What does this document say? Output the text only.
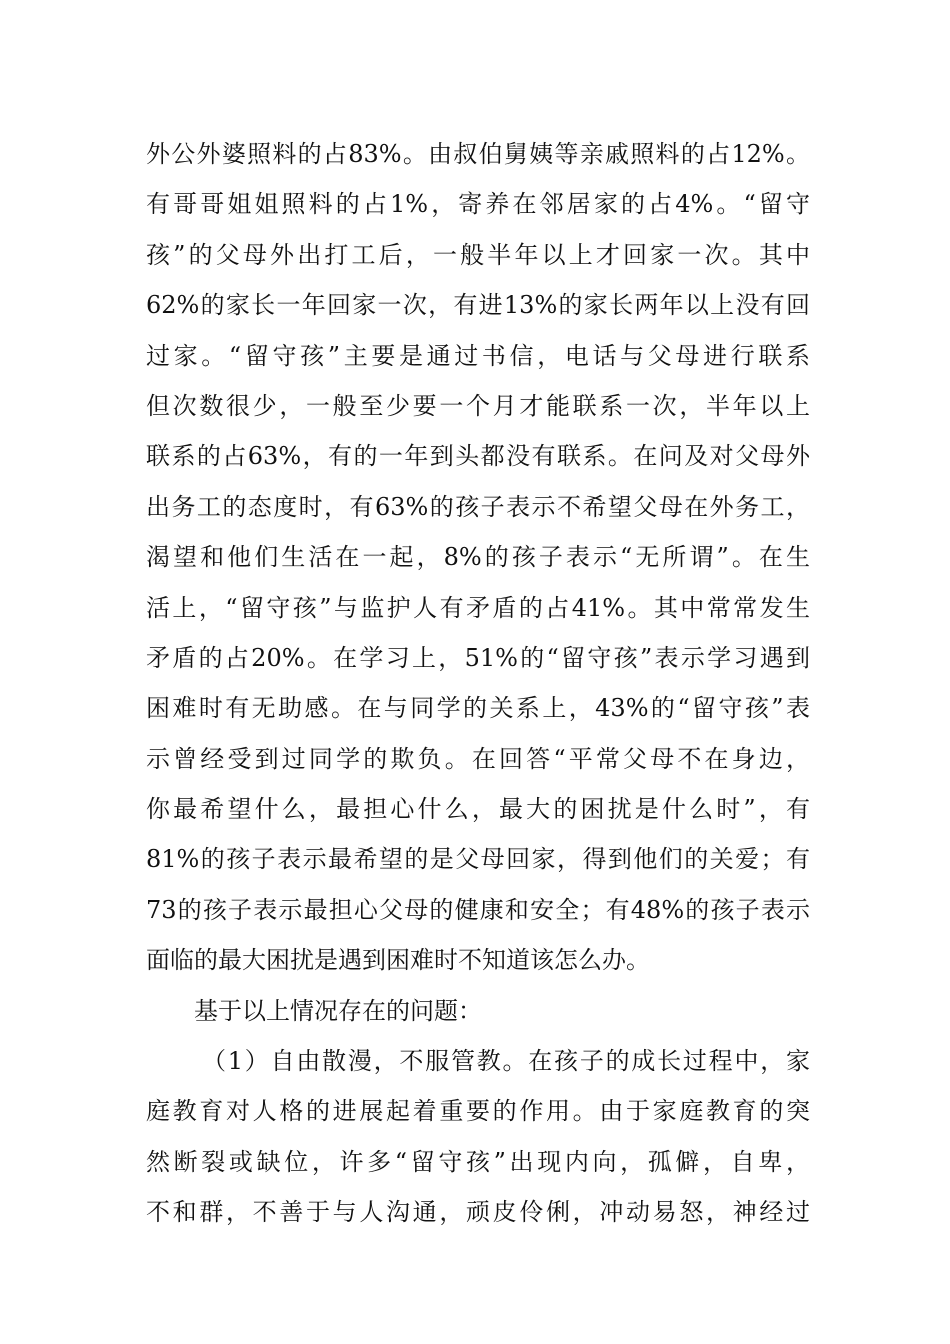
外公外婆照料的占83%。由叔伯舅姨等亲戚照料的占12%。
有哥哥姐姐照料的占1%，寄养在邻居家的占4%。“留守
孩”的父母外出打工后，一般半年以上才回家一次。其中
62%的家长一年回家一次，有进13%的家长两年以上没有回
过家。“留守孩”主要是通过书信，电话与父母进行联系
但次数很少，一般至少要一个月才能联系一次，半年以上
联系的占63%，有的一年到头都没有联系。在问及对父母外
出务工的态度时，有63%的孩子表示不希望父母在外务工，
渴望和他们生活在一起，8%的孩子表示“无所谓”。在生
活上，“留守孩”与监护人有矛盾的占41%。其中常常发生
矛盾的占20%。在学习上，51%的“留守孩”表示学习遇到
困难时有无助感。在与同学的关系上，43%的“留守孩”表
示曾经受到过同学的欺负。在回答“平常父母不在身边，
你最希望什么，最担心什么，最大的困扰是什么时”，有
81%的孩子表示最希望的是父母回家，得到他们的关爱；有
73的孩子表示最担心父母的健康和安全；有48%的孩子表示
面临的最大困扰是遇到困难时不知道该怎么办。
基于以上情况存在的问题：
（1）自由散漫，不服管教。在孩子的成长过程中，家
庭教育对人格的进展起着重要的作用。由于家庭教育的突
然断裂或缺位，许多“留守孩”出现内向，孤僻，自卑，
不和群，不善于与人沟通，顽皮伶俐，冲动易怒，神经过
